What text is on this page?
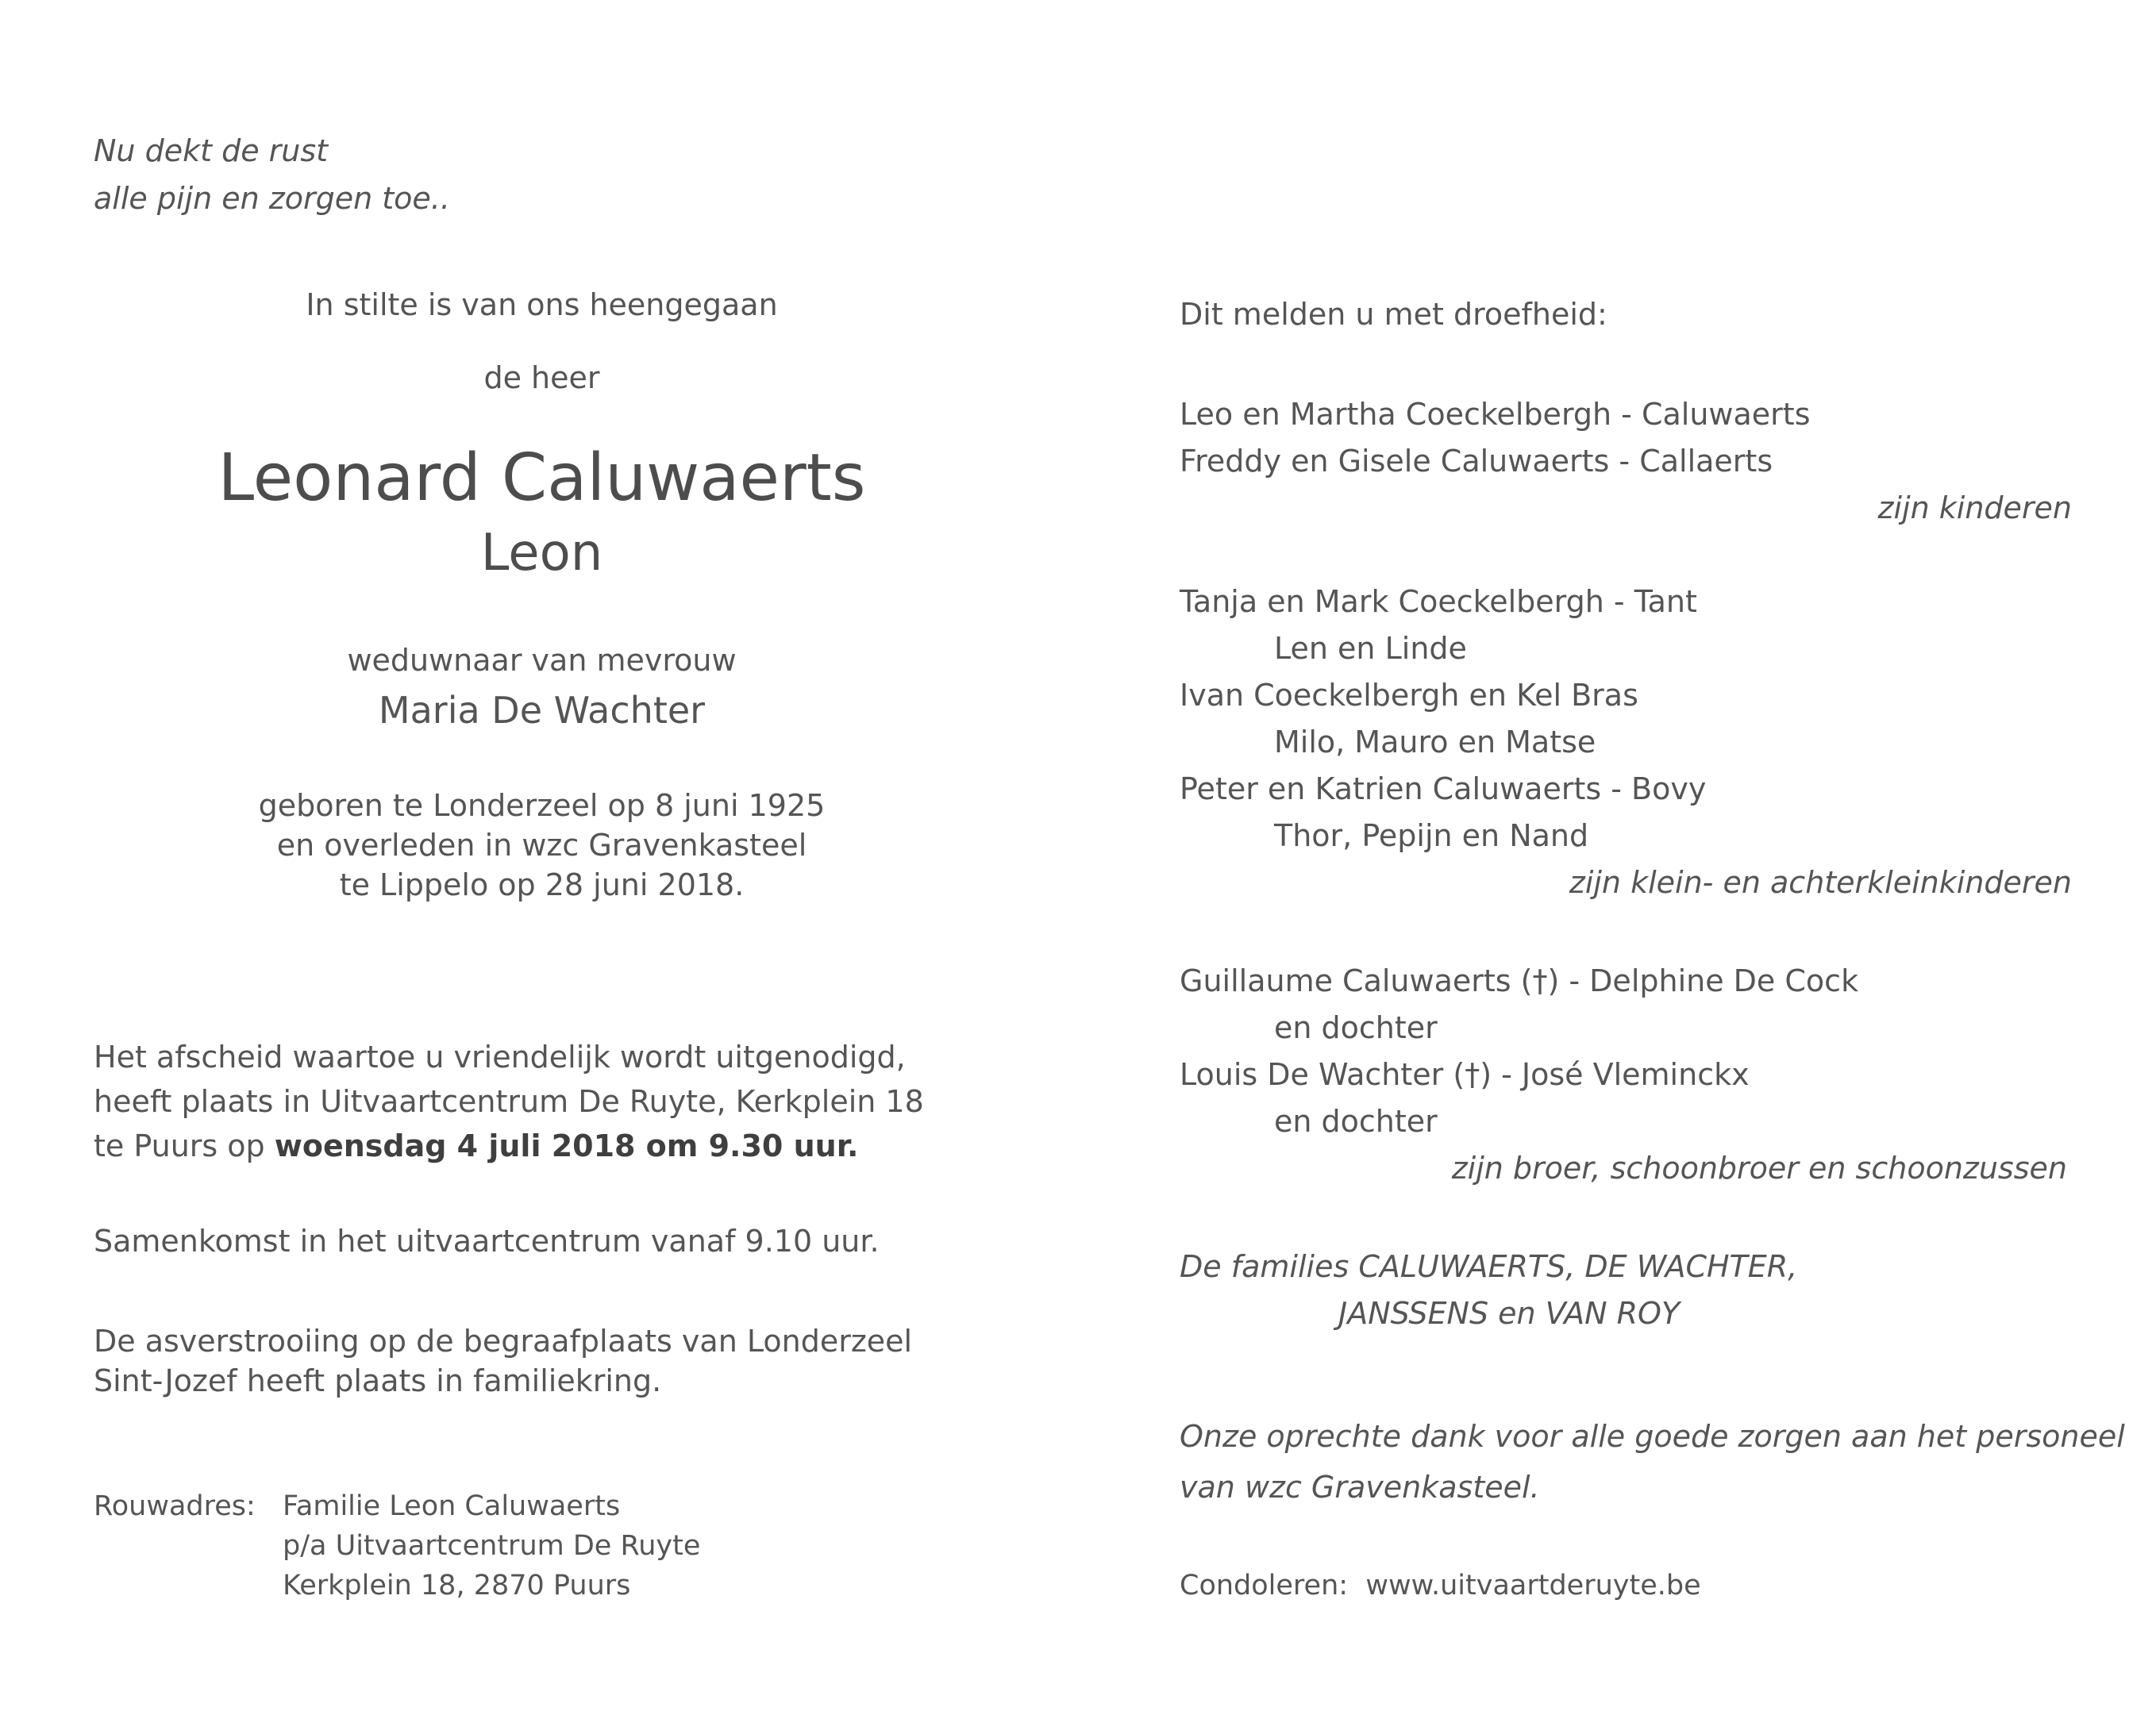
Nu dekt de rust
alle pijn en zorgen toe..
In stilte is van ons heengegaan
de heer
Leonard Caluwaerts
Leon
weduwnaar van mevrouw
Maria De Wachter
geboren te Londerzeel op 8 juni 1925
en overleden in wzc Gravenkasteel
te Lippelo op 28 juni 2018.
Het afscheid waartoe u vriendelijk wordt uitgenodigd,
heeft plaats in Uitvaartcentrum De Ruyte, Kerkplein 18
te Puurs op woensdag 4 juli 2018 om 9.30 uur.
Samenkomst in het uitvaartcentrum vanaf 9.10 uur.
De asverstrooiing op de begraafplaats van Londerzeel
Sint-Jozef heeft plaats in familiekring.
Rouwadres: Familie Leon Caluwaerts
p/a Uitvaartcentrum De Ruyte
Kerkplein 18, 2870 Puurs
Dit melden u met droefheid:
Leo en Martha Coeckelbergh - Caluwaerts
Freddy en Gisele Caluwaerts - Callaerts
zijn kinderen
Tanja en Mark Coeckelbergh - Tant
Len en Linde
Ivan Coeckelbergh en Kel Bras
Milo, Mauro en Matse
Peter en Katrien Caluwaerts - Bovy
Thor, Pepijn en Nand
zijn klein- en achterkleinkinderen
Guillaume Caluwaerts (†) - Delphine De Cock
en dochter
Louis De Wachter (†) - José Vleminckx
en dochter
zijn broer, schoonbroer en schoonzussen
De families CALUWAERTS, DE WACHTER,
JANSSENS en VAN ROY
Onze oprechte dank voor alle goede zorgen aan het personeel
van wzc Gravenkasteel.
Condoleren: www.uitvaartderuyte.be
